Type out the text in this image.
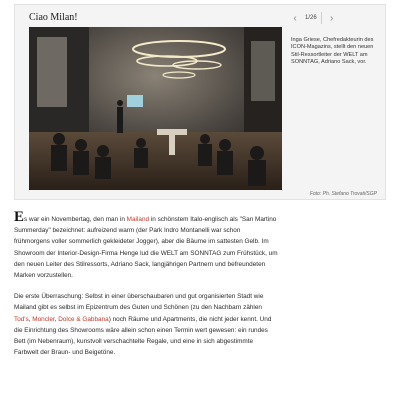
Ciao Milan!
Foto: Ph. Stefano Trovati/SGP
‹	1/26	›
Inga Griese, Chefredakteurin des ICON-Magazins, stellt den neuen Stil-Ressortleiter der WELT am SONNTAG, Adriano Sack, vor.

Es war ein Novembertag, den man in Mailand in schönstem Italo-englisch als "San Martino Summerday" bezeichnet: aufreizend warm (der Park Indro Montanelli war schon frühmorgens voller sommerlich gekleideter Jogger), aber die Bäume im sattesten Gelb. Im Showroom der Interior-Design-Firma Henge lud die WELT am SONNTAG zum Frühstück, um den neuen Leiter des Stilressorts, Adriano Sack, langjährigen Partnern und befreundeten Marken vorzustellen.

Die erste Überraschung: Selbst in einer überschaubaren und gut organisierten Stadt wie Mailand gibt es selbst im Epizentrum des Guten und Schönen (zu den Nachbarn zählen Tod's, Moncler, Dolce & Gabbana) noch Räume und Apartments, die nicht jeder kennt. Und die Einrichtung des Showrooms wäre allein schon einen Termin wert gewesen: ein rundes Bett (im Nebenraum), kunstvoll verschachtelte Regale, und eine in sich abgestimmte Farbwelt der Braun- und Beigetöne.
